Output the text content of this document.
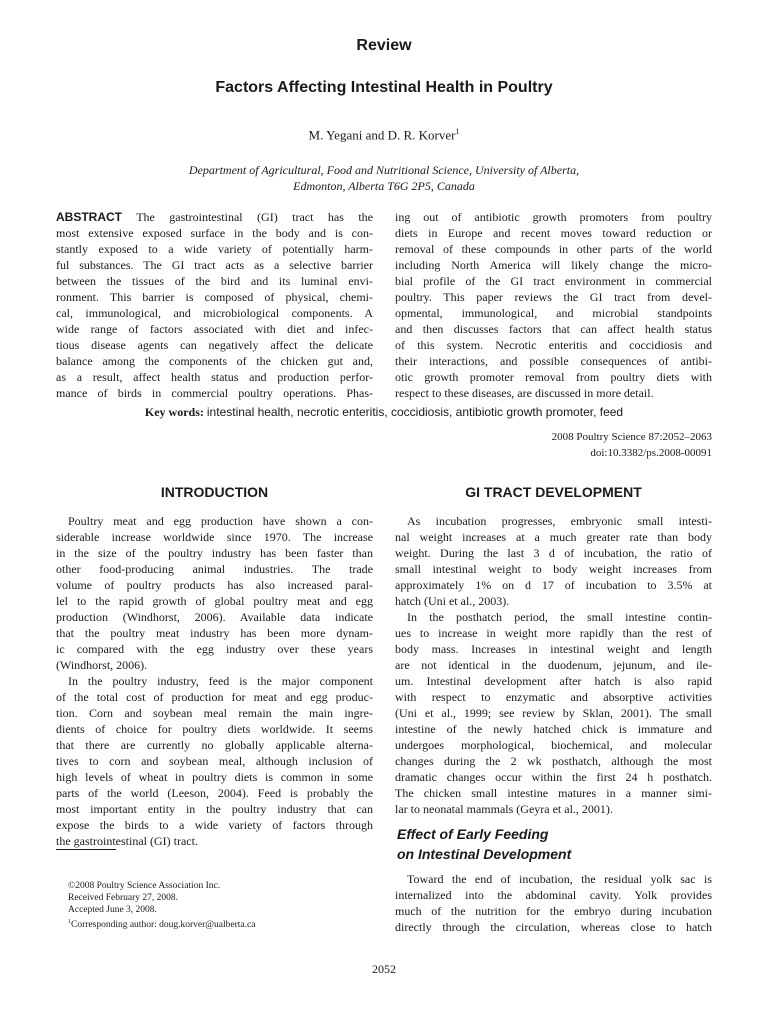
Review
Factors Affecting Intestinal Health in Poultry
M. Yegani and D. R. Korver$^1$
Department of Agricultural, Food and Nutritional Science, University of Alberta,
Edmonton, Alberta T6G 2P5, Canada
ABSTRACT The gastrointestinal (GI) tract has the
most extensive exposed surface in the body and is con-
stantly exposed to a wide variety of potentially harm-
ful substances. The GI tract acts as a selective barrier
between the tissues of the bird and its luminal envi-
ronment. This barrier is composed of physical, chemi-
cal, immunological, and microbiological components. A
wide range of factors associated with diet and infec-
tious disease agents can negatively affect the delicate
balance among the components of the chicken gut and,
as a result, affect health status and production perfor-
mance of birds in commercial poultry operations. Phas-
ing out of antibiotic growth promoters from poultry
diets in Europe and recent moves toward reduction or
removal of these compounds in other parts of the world
including North America will likely change the micro-
bial profile of the GI tract environment in commercial
poultry. This paper reviews the GI tract from devel-
opmental, immunological, and microbial standpoints
and then discusses factors that can affect health status
of this system. Necrotic enteritis and coccidiosis and
their interactions, and possible consequences of antibi-
otic growth promoter removal from poultry diets with
respect to these diseases, are discussed in more detail.
Key words: intestinal health, necrotic enteritis, coccidiosis, antibiotic growth promoter, feed
2008 Poultry Science 87:2052–2063
doi:10.3382/ps.2008-00091
INTRODUCTION	GI TRACT DEVELOPMENT
Poultry meat and egg production have shown a con-
siderable increase worldwide since 1970. The increase
in the size of the poultry industry has been faster than
other food-producing animal industries. The trade
volume of poultry products has also increased paral-
lel to the rapid growth of global poultry meat and egg
production (Windhorst, 2006). Available data indicate
that the poultry meat industry has been more dynam-
ic compared with the egg industry over these years
(Windhorst, 2006).
In the poultry industry, feed is the major component
of the total cost of production for meat and egg produc-
tion. Corn and soybean meal remain the main ingre-
dients of choice for poultry diets worldwide. It seems
that there are currently no globally applicable alterna-
tives to corn and soybean meal, although inclusion of
high levels of wheat in poultry diets is common in some
parts of the world (Leeson, 2004). Feed is probably the
most important entity in the poultry industry that can
expose the birds to a wide variety of factors through
the gastrointestinal (GI) tract.
As incubation progresses, embryonic small intesti-
nal weight increases at a much greater rate than body
weight. During the last 3 d of incubation, the ratio of
small intestinal weight to body weight increases from
approximately 1% on d 17 of incubation to 3.5% at
hatch (Uni et al., 2003).
In the posthatch period, the small intestine contin-
ues to increase in weight more rapidly than the rest of
body mass. Increases in intestinal weight and length
are not identical in the duodenum, jejunum, and ile-
um. Intestinal development after hatch is also rapid
with respect to enzymatic and absorptive activities
(Uni et al., 1999; see review by Sklan, 2001). The small
intestine of the newly hatched chick is immature and
undergoes morphological, biochemical, and molecular
changes during the 2 wk posthatch, although the most
dramatic changes occur within the first 24 h posthatch.
The chicken small intestine matures in a manner simi-
lar to neonatal mammals (Geyra et al., 2001).
Effect of Early Feeding
on Intestinal Development
Toward the end of incubation, the residual yolk sac is
internalized into the abdominal cavity. Yolk provides
much of the nutrition for the embryo during incubation
directly through the circulation, whereas close to hatch
©2008 Poultry Science Association Inc.
Received February 27, 2008.
Accepted June 3, 2008.
$^1$Corresponding author: doug.korver@ualberta.ca
2052
